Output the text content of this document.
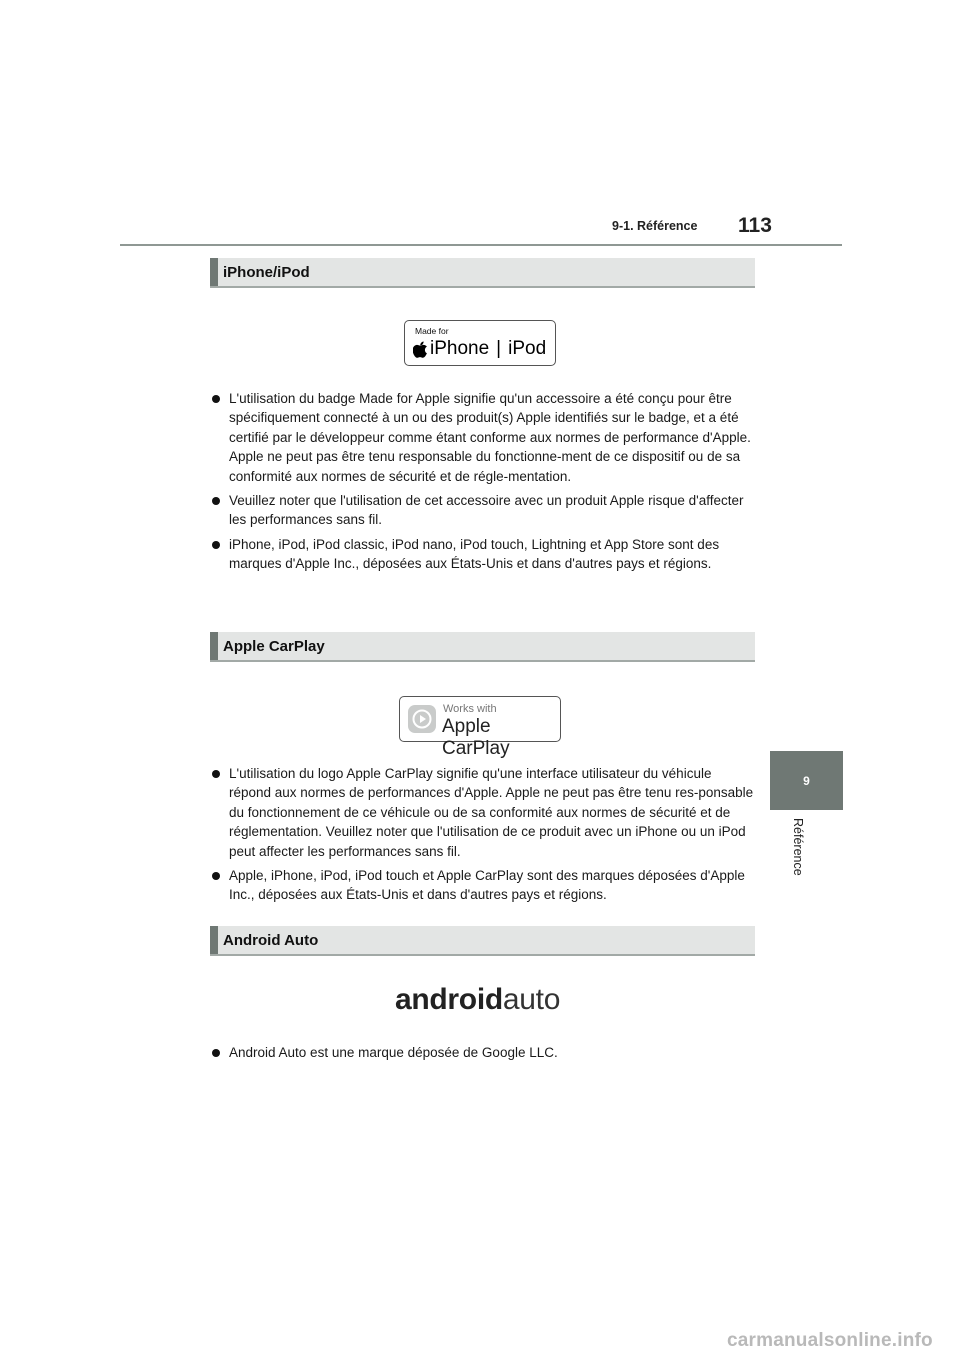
9-1. Référence 113
9
Référence
iPhone/iPod
Made for
iPhone | iPod
L'utilisation du badge Made for Apple signifie qu'un accessoire a été conçu pour être spécifiquement connecté à un ou des produit(s) Apple identifiés sur le badge, et a été certifié par le développeur comme étant conforme aux normes de performance d'Apple. Apple ne peut pas être tenu responsable du fonctionne-ment de ce dispositif ou de sa conformité aux normes de sécurité et de régle-mentation.
Veuillez noter que l'utilisation de cet accessoire avec un produit Apple risque d'affecter les performances sans fil.
iPhone, iPod, iPod classic, iPod nano, iPod touch, Lightning et App Store sont des marques d'Apple Inc., déposées aux États-Unis et dans d'autres pays et régions.
Apple CarPlay
Works with
Apple CarPlay
L'utilisation du logo Apple CarPlay signifie qu'une interface utilisateur du véhicule répond aux normes de performances d'Apple. Apple ne peut pas être tenu res-ponsable du fonctionnement de ce véhicule ou de sa conformité aux normes de sécurité et de réglementation. Veuillez noter que l'utilisation de ce produit avec un iPhone ou un iPod peut affecter les performances sans fil.
Apple, iPhone, iPod, iPod touch et Apple CarPlay sont des marques déposées d'Apple Inc., déposées aux États-Unis et dans d'autres pays et régions.
Android Auto
androidauto
Android Auto est une marque déposée de Google LLC.
carmanualsonline.info
